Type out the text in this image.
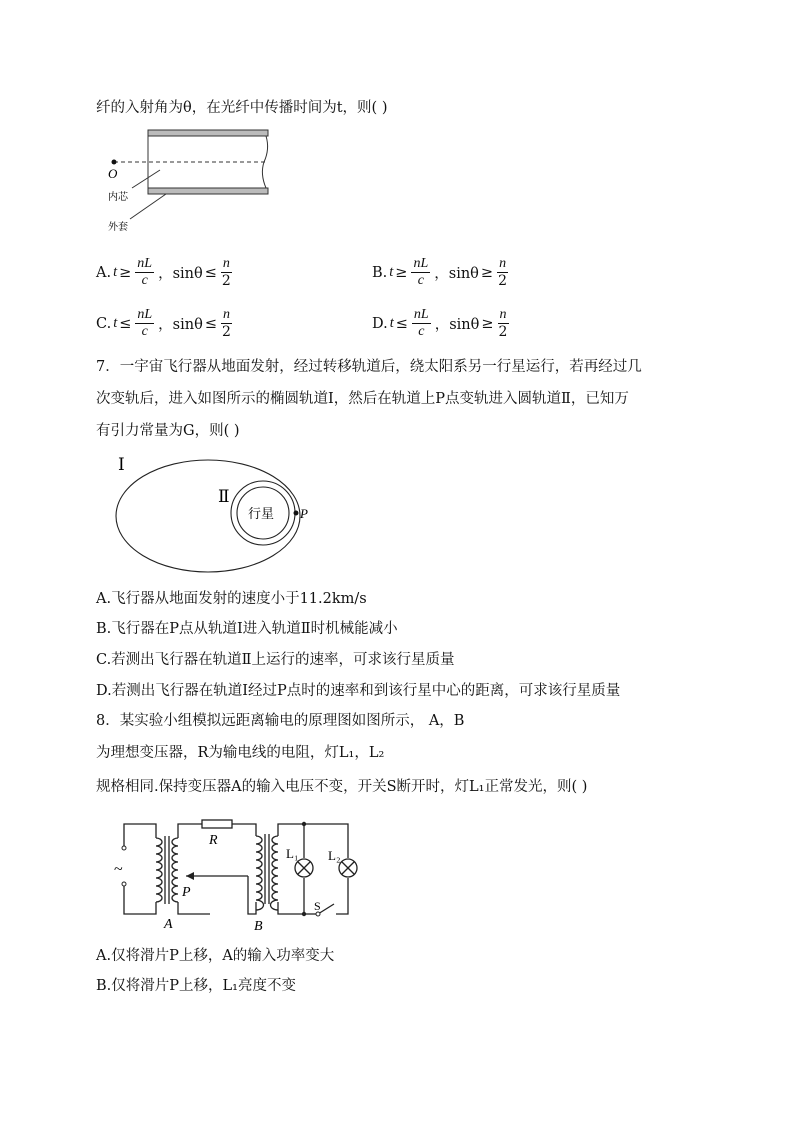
纤的入射角为θ，在光纤中传播时间为t，则( )
O
内芯
外套
A. $t \ge \frac{nL}{c}$ ，$\sin\theta \le \frac{n}{2}$	B. $t \ge \frac{nL}{c}$ ，$\sin\theta \ge \frac{n}{2}$
C. $t \le \frac{nL}{c}$ ，$\sin\theta \le \frac{n}{2}$	D. $t \le \frac{nL}{c}$ ，$\sin\theta \ge \frac{n}{2}$
7．一宇宙飞行器从地面发射，经过转移轨道后，绕太阳系另一行星运行，若再经过几
次变轨后，进入如图所示的椭圆轨道Ⅰ，然后在轨道上P点变轨进入圆轨道Ⅱ，已知万
有引力常量为G，则( )
Ⅰ
Ⅱ
行星 P
A.飞行器从地面发射的速度小于11.2km/s
B.飞行器在P点从轨道Ⅰ进入轨道Ⅱ时机械能减小
C.若测出飞行器在轨道Ⅱ上运行的速率，可求该行星质量
D.若测出飞行器在轨道Ⅰ经过P点时的速率和到该行星中心的距离，可求该行星质量
8．某实验小组模拟远距离输电的原理图如图所示， A，B
为理想变压器，R为输电线的电阻，灯L₁，L₂
规格相同.保持变压器A的输入电压不变，开关S断开时，灯L₁正常发光，则( )
~
R
P
A	B
L₁ L₂
S
A.仅将滑片P上移，A的输入功率变大
B.仅将滑片P上移，L₁亮度不变
